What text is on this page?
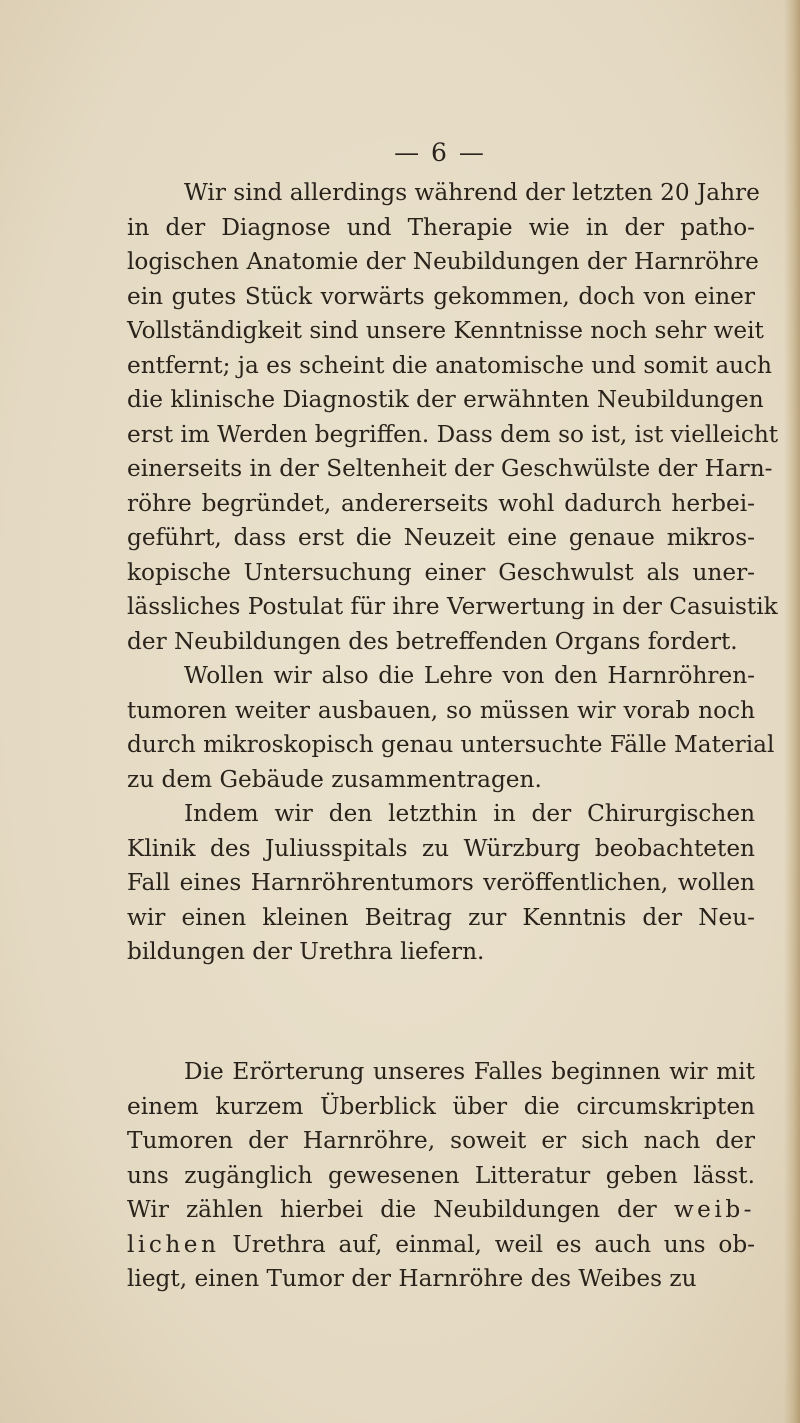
— 6 —
Wir sind allerdings während der letzten 20 Jahre
in der Diagnose und Therapie wie in der patho-
logischen Anatomie der Neubildungen der Harnröhre
ein gutes Stück vorwärts gekommen, doch von einer
Vollständigkeit sind unsere Kenntnisse noch sehr weit
entfernt; ja es scheint die anatomische und somit auch
die klinische Diagnostik der erwähnten Neubildungen
erst im Werden begriffen. Dass dem so ist, ist vielleicht
einerseits in der Seltenheit der Geschwülste der Harn-
röhre begründet, andererseits wohl dadurch herbei-
geführt, dass erst die Neuzeit eine genaue mikros-
kopische Untersuchung einer Geschwulst als uner-
lässliches Postulat für ihre Verwertung in der Casuistik
der Neubildungen des betreffenden Organs fordert.
Wollen wir also die Lehre von den Harnröhren-
tumoren weiter ausbauen, so müssen wir vorab noch
durch mikroskopisch genau untersuchte Fälle Material
zu dem Gebäude zusammentragen.
Indem wir den letzthin in der Chirurgischen
Klinik des Juliusspitals zu Würzburg beobachteten
Fall eines Harnröhrentumors veröffentlichen, wollen
wir einen kleinen Beitrag zur Kenntnis der Neu-
bildungen der Urethra liefern.
Die Erörterung unseres Falles beginnen wir mit
einem kurzem Überblick über die circumskripten
Tumoren der Harnröhre, soweit er sich nach der
uns zugänglich gewesenen Litteratur geben lässt.
Wir zählen hierbei die Neubildungen der weib-
lichen Urethra auf, einmal, weil es auch uns ob-
liegt, einen Tumor der Harnröhre des Weibes zu
